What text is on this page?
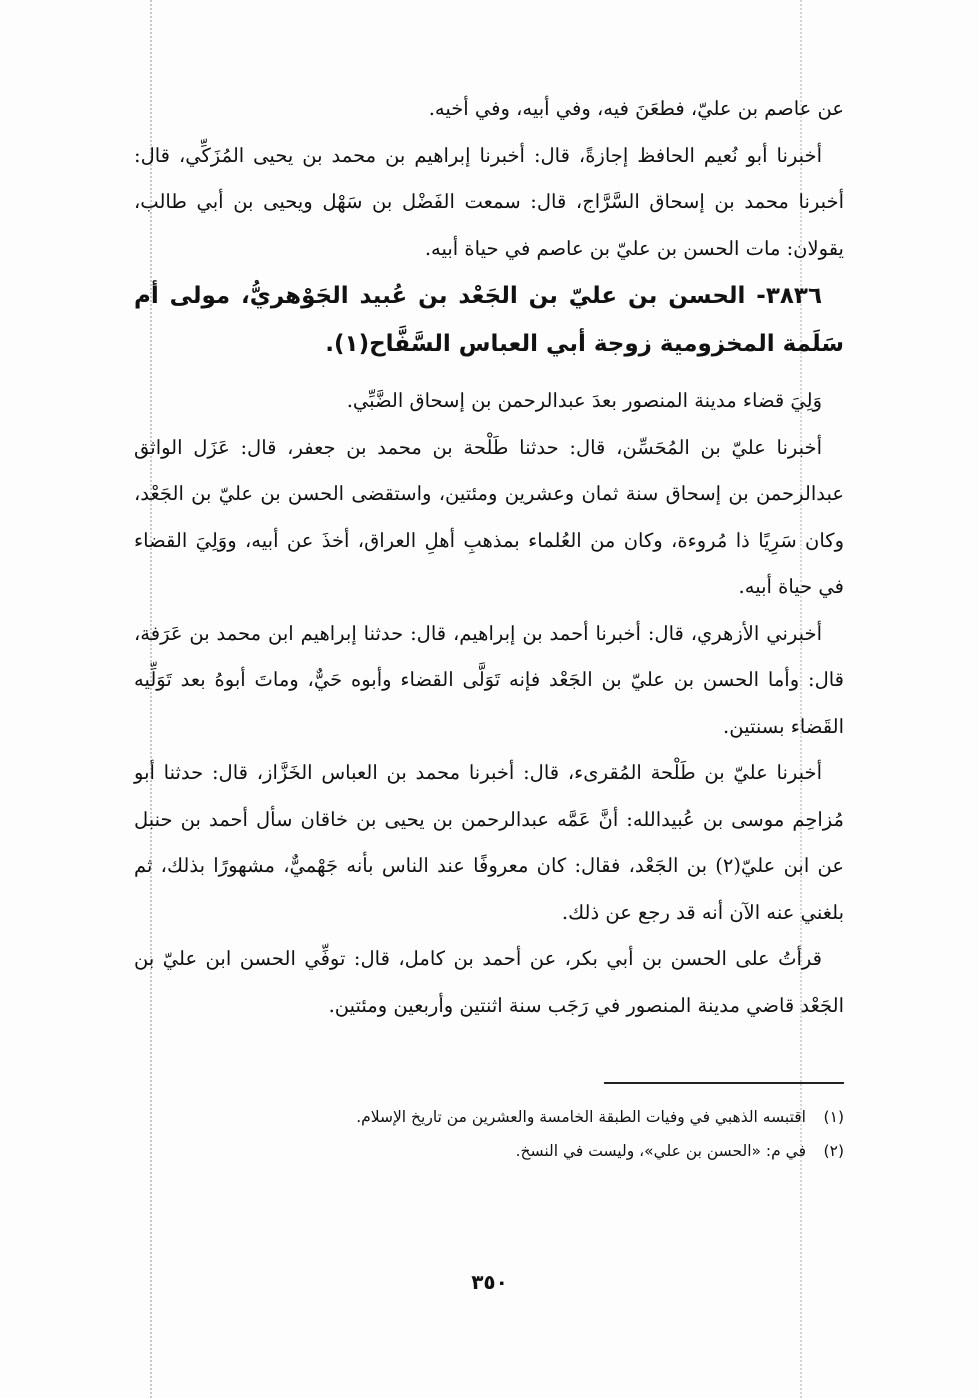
عن عاصم بن عليّ، فطعَنَ فيه، وفي أبيه، وفي أخيه.

أخبرنا أبو نُعيم الحافظ إجازةً، قال: أخبرنا إبراهيم بن محمد بن يحيى المُزَكِّي، قال: أخبرنا محمد بن إسحاق السَّرَّاج، قال: سمعت الفَضْل بن سَهْل ويحيى بن أبي طالب، يقولان: مات الحسن بن عليّ بن عاصم في حياة أبيه.

٣٨٣٦- الحسن بن عليّ بن الجَعْد بن عُبيد الجَوْهريُّ، مولى أم سَلَمة المخزومية زوجة أبي العباس السَّفَّاح(١).

وَلِيَ قضاء مدينة المنصور بعدَ عبدالرحمن بن إسحاق الضَّبِّي.

أخبرنا عليّ بن المُحَسِّن، قال: حدثنا طَلْحة بن محمد بن جعفر، قال: عَزَل الواثق عبدالرحمن بن إسحاق سنة ثمان وعشرين ومئتين، واستقضى الحسن بن عليّ بن الجَعْد، وكان سَرِيًا ذا مُروءة، وكان من العُلماء بمذهبِ أهلِ العراق، أخذَ عن أبيه، ووَلِيَ القضاء في حياة أبيه.

أخبرني الأزهري، قال: أخبرنا أحمد بن إبراهيم، قال: حدثنا إبراهيم ابن محمد بن عَرَفة، قال: وأما الحسن بن عليّ بن الجَعْد فإنه تَوَلَّى القضاء وأبوه حَيٌّ، وماتَ أبوهُ بعد تَوَلِّيه القَضاء بسنتين.

أخبرنا عليّ بن طَلْحة المُقرىء، قال: أخبرنا محمد بن العباس الخَزَّاز، قال: حدثنا أبو مُزاحِم موسى بن عُبيدالله: أنَّ عَمَّه عبدالرحمن بن يحيى بن خاقان سأل أحمد بن حنبل عن ابن عليّ(٢) بن الجَعْد، فقال: كان معروفًا عند الناس بأنه جَهْميٌّ، مشهورًا بذلك، ثم بلغني عنه الآن أنه قد رجع عن ذلك.

قرأتُ على الحسن بن أبي بكر، عن أحمد بن كامل، قال: توفِّي الحسن ابن عليّ بن الجَعْد قاضي مدينة المنصور في رَجَب سنة اثنتين وأربعين ومئتين.

(١)
اقتبسه الذهبي في وفيات الطبقة الخامسة والعشرين من تاريخ الإسلام.
(٢)
في م: «الحسن بن علي»، وليست في النسخ.
٣٥٠
